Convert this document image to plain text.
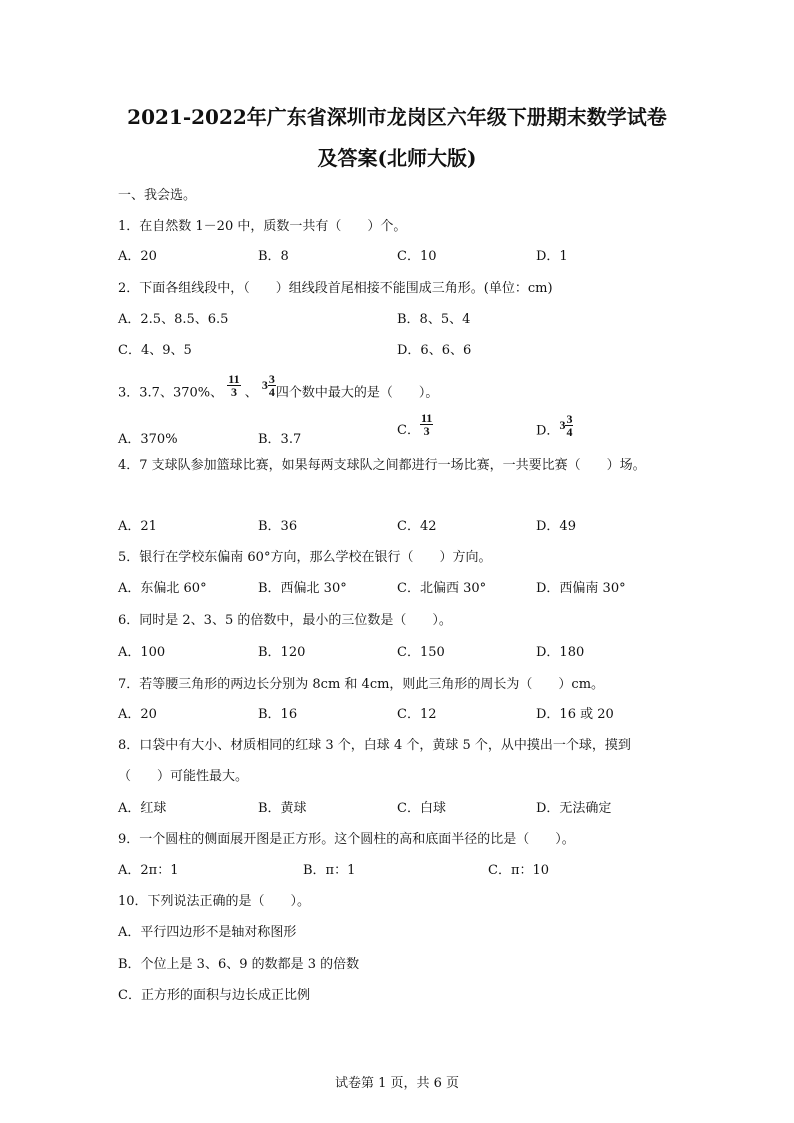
2021-2022年广东省深圳市龙岗区六年级下册期末数学试卷
及答案(北师大版)
一、我会选。
1．在自然数 1－20 中，质数一共有（　　）个。
A．20	B．8	C．10	D．1
2．下面各组线段中，（　　）组线段首尾相接不能围成三角形。(单位：cm)
A．2.5、8.5、6.5	B．8、5、4
C．4、9、5	D．6、6、6
3．3.7、370%、 $\frac{11}{3}$ 、 $3 \frac{3}{4}$ 四个数中最大的是（　　）。
A．370%	B．3.7
C． $\frac{11}{3}$	D．$3 \frac{3}{4}$
4．7 支球队参加篮球比赛，如果每两支球队之间都进行一场比赛，一共要比赛（　　）场。
A．21	B．36	C．42	D．49
5．银行在学校东偏南 60°方向，那么学校在银行（　　）方向。
A．东偏北 60°	B．西偏北 30°	C．北偏西 30°	D．西偏南 30°
6．同时是 2、3、5 的倍数中，最小的三位数是（　　）。
A．100	B．120	C．150	D．180
7．若等腰三角形的两边长分别为 8cm 和 4cm，则此三角形的周长为（　　）cm。
A．20	B．16	C．12	D．16 或 20
8．口袋中有大小、材质相同的红球 3 个，白球 4 个，黄球 5 个，从中摸出一个球，摸到
（　　）可能性最大。
A．红球	B．黄球	C．白球	D．无法确定
9．一个圆柱的侧面展开图是正方形。这个圆柱的高和底面半径的比是（　　）。
A．2π：1	B．π：1	C．π：10
10．下列说法正确的是（　　）。
A．平行四边形不是轴对称图形
B．个位上是 3、6、9 的数都是 3 的倍数
C．正方形的面积与边长成正比例
试卷第 1 页，共 6 页
